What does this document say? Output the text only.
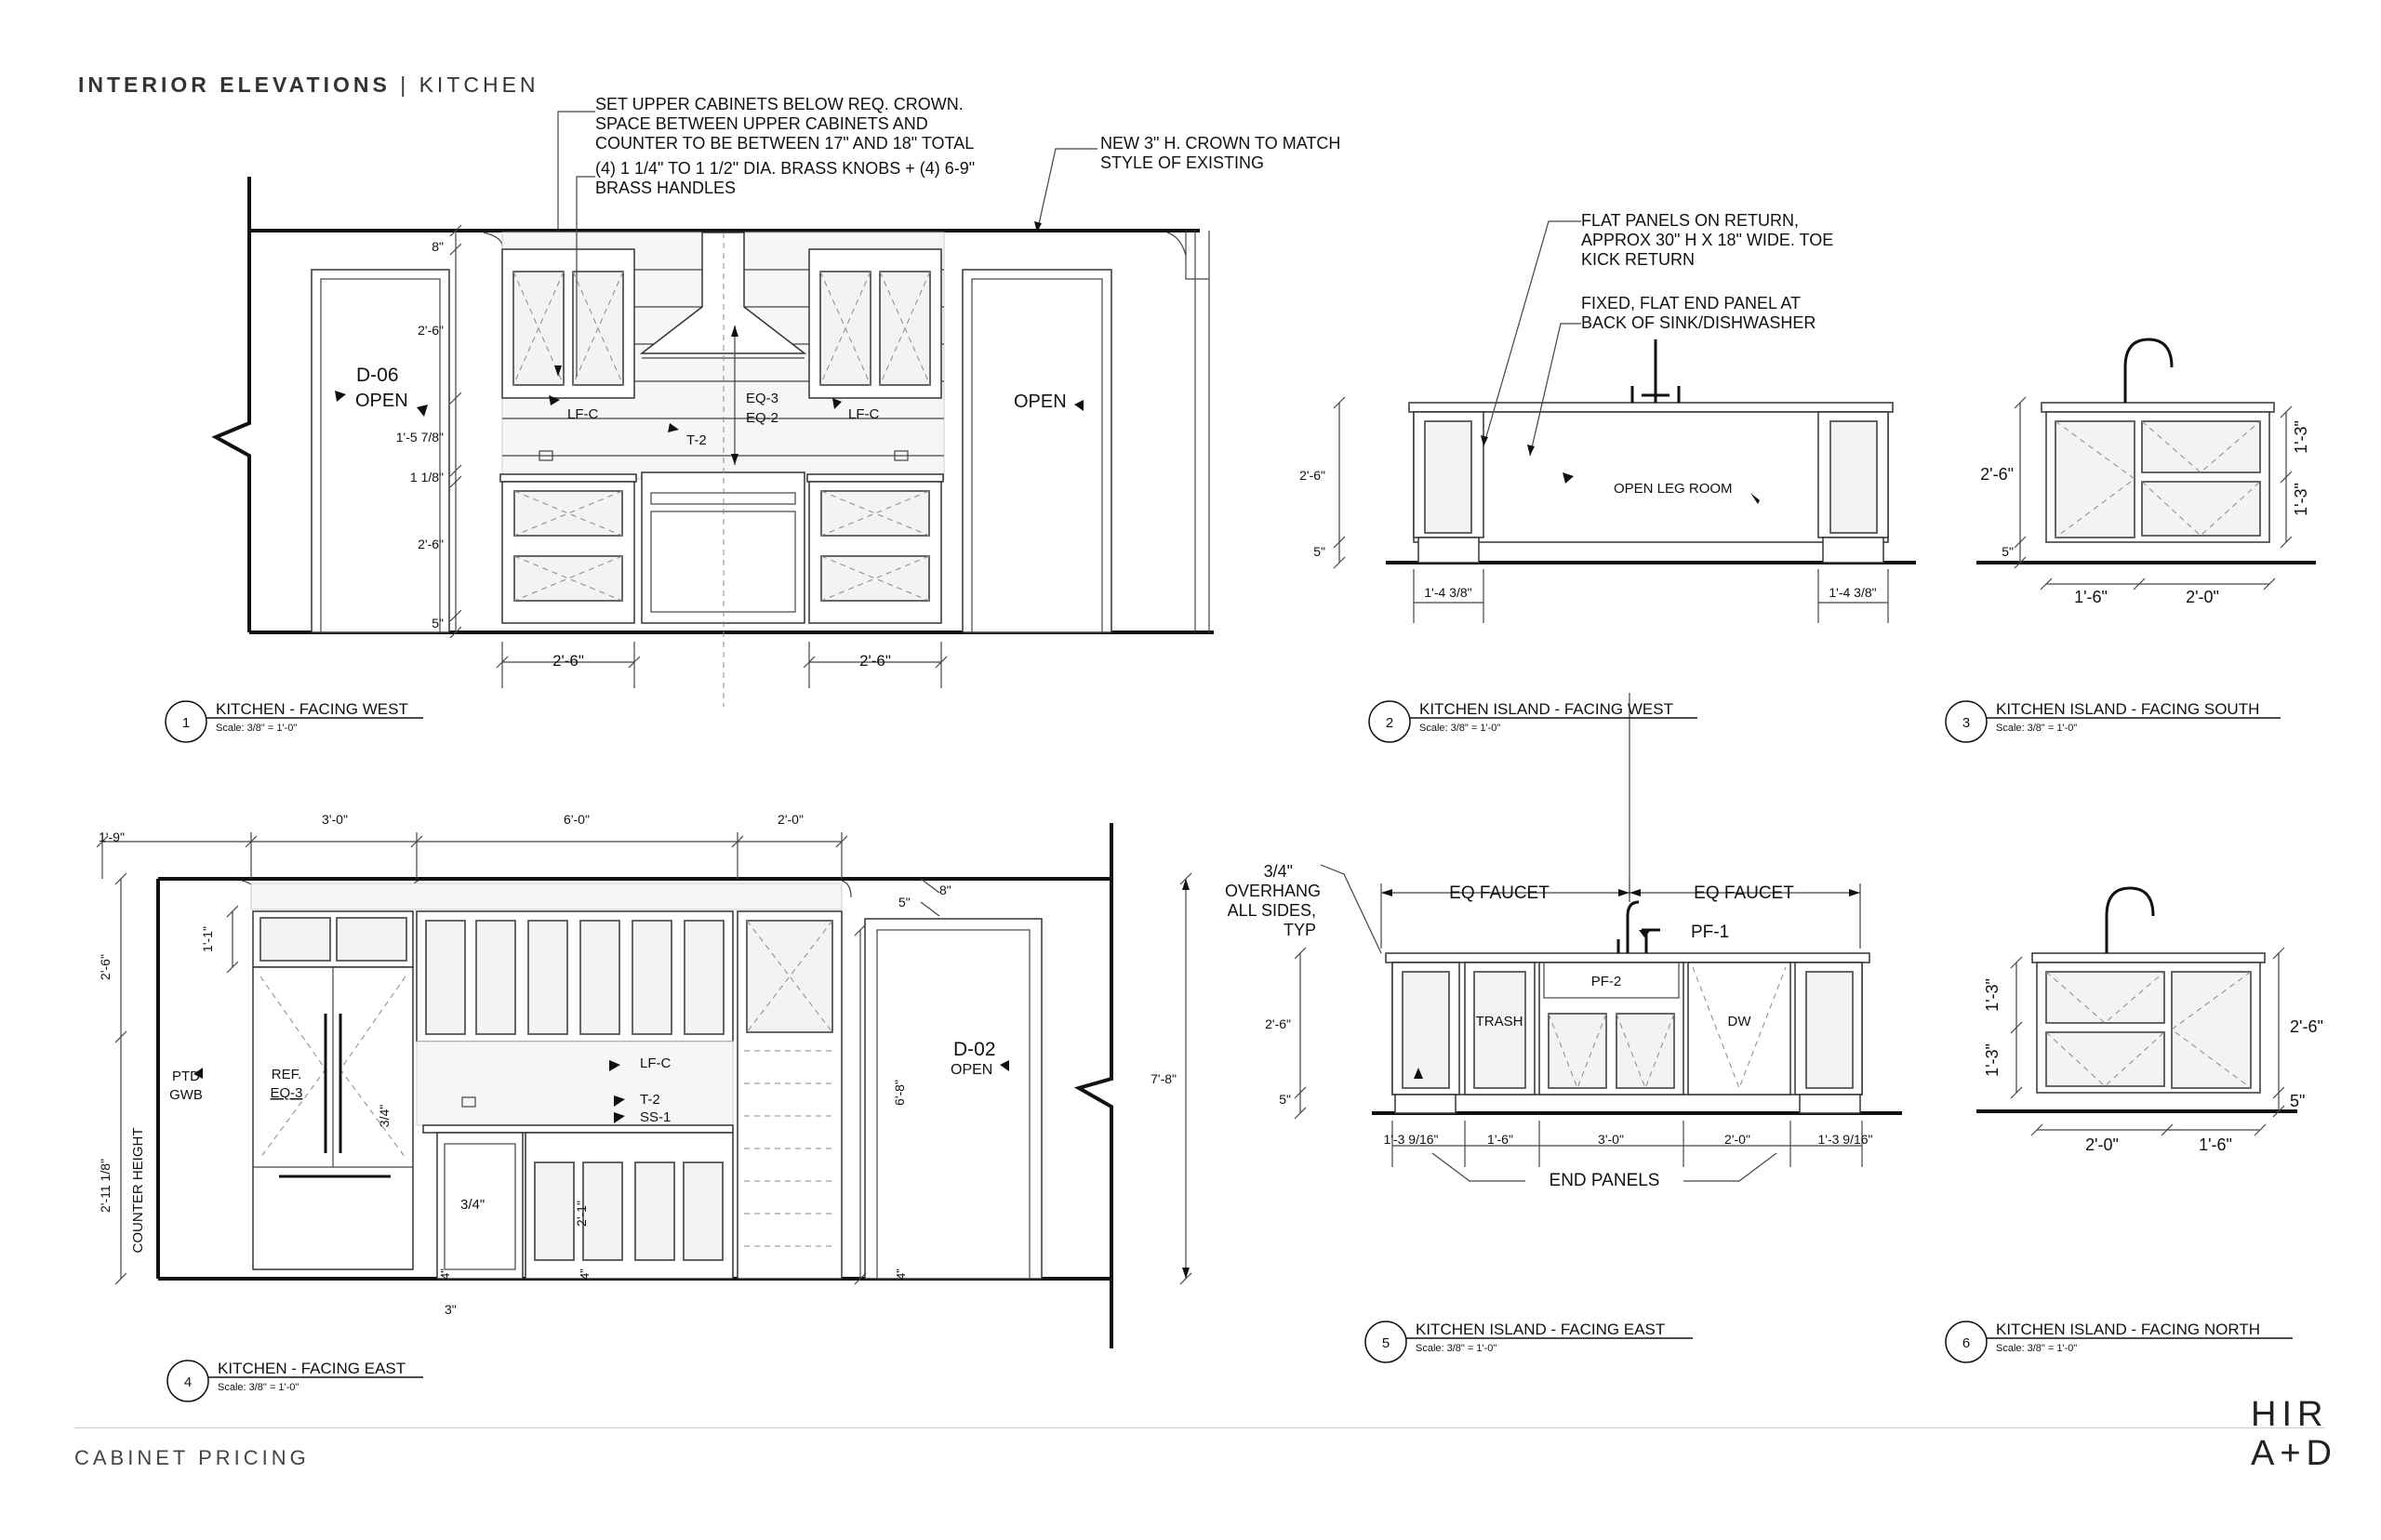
INTERIOR ELEVATIONS | KITCHEN
SET UPPER CABINETS BELOW REQ. CROWN.
SPACE BETWEEN UPPER CABINETS AND
COUNTER TO BE BETWEEN 17" AND 18" TOTAL
(4) 1 1/4" TO 1 1/2" DIA. BRASS KNOBS + (4) 6-9"
BRASS HANDLES
NEW 3" H. CROWN TO MATCH
STYLE OF EXISTING
D-06
OPEN	OPEN
LF-C	LF-C
T-2
EQ-3
EQ-2
8"
2'-6"
1'-5 7/8"
1 1/8"
2'-6"
5"
2'-6"	2'-6"
FLAT PANELS ON RETURN,
APPROX 30" H X 18" WIDE. TOE
KICK RETURN
FIXED, FLAT END PANEL AT
BACK OF SINK/DISHWASHER
OPEN LEG ROOM
2'-6"
5"
1'-4 3/8"	1'-4 3/8"
2'-6"
5"
1'-3"
1'-3"
1'-6"	2'-0"
1'-9"
3'-0"	6'-0"	2'-0"
8"
5"
1'-1"
2'-6"
2'-11 1/8" COUNTER HEIGHT
PTD
GWB
REF.
EQ-3
3/4"
3/4"	2'-1"
LF-C
T-2
SS-1
D-02
OPEN
6'-8"
7'-8"
4"	4"	4"
3"
3/4"
OVERHANG
ALL SIDES,
TYP
EQ FAUCET	EQ FAUCET
PF-1
PF-2
TRASH	DW
2'-6"
5"
1'-3 9/16"	1'-6"	3'-0"	2'-0"	1'-3 9/16"
END PANELS
1'-3"
1'-3"
2'-6"
5"
2'-0"	1'-6"
1
KITCHEN - FACING WEST
Scale: 3/8" = 1'-0"	2
KITCHEN ISLAND - FACING WEST
Scale: 3/8" = 1'-0"	3
KITCHEN ISLAND - FACING SOUTH
Scale: 3/8" = 1'-0"
4
KITCHEN - FACING EAST
Scale: 3/8" = 1'-0"
5
KITCHEN ISLAND - FACING EAST
Scale: 3/8" = 1'-0"	6
KITCHEN ISLAND - FACING NORTH
Scale: 3/8" = 1'-0"
CABINET PRICING
HIR
A+D
